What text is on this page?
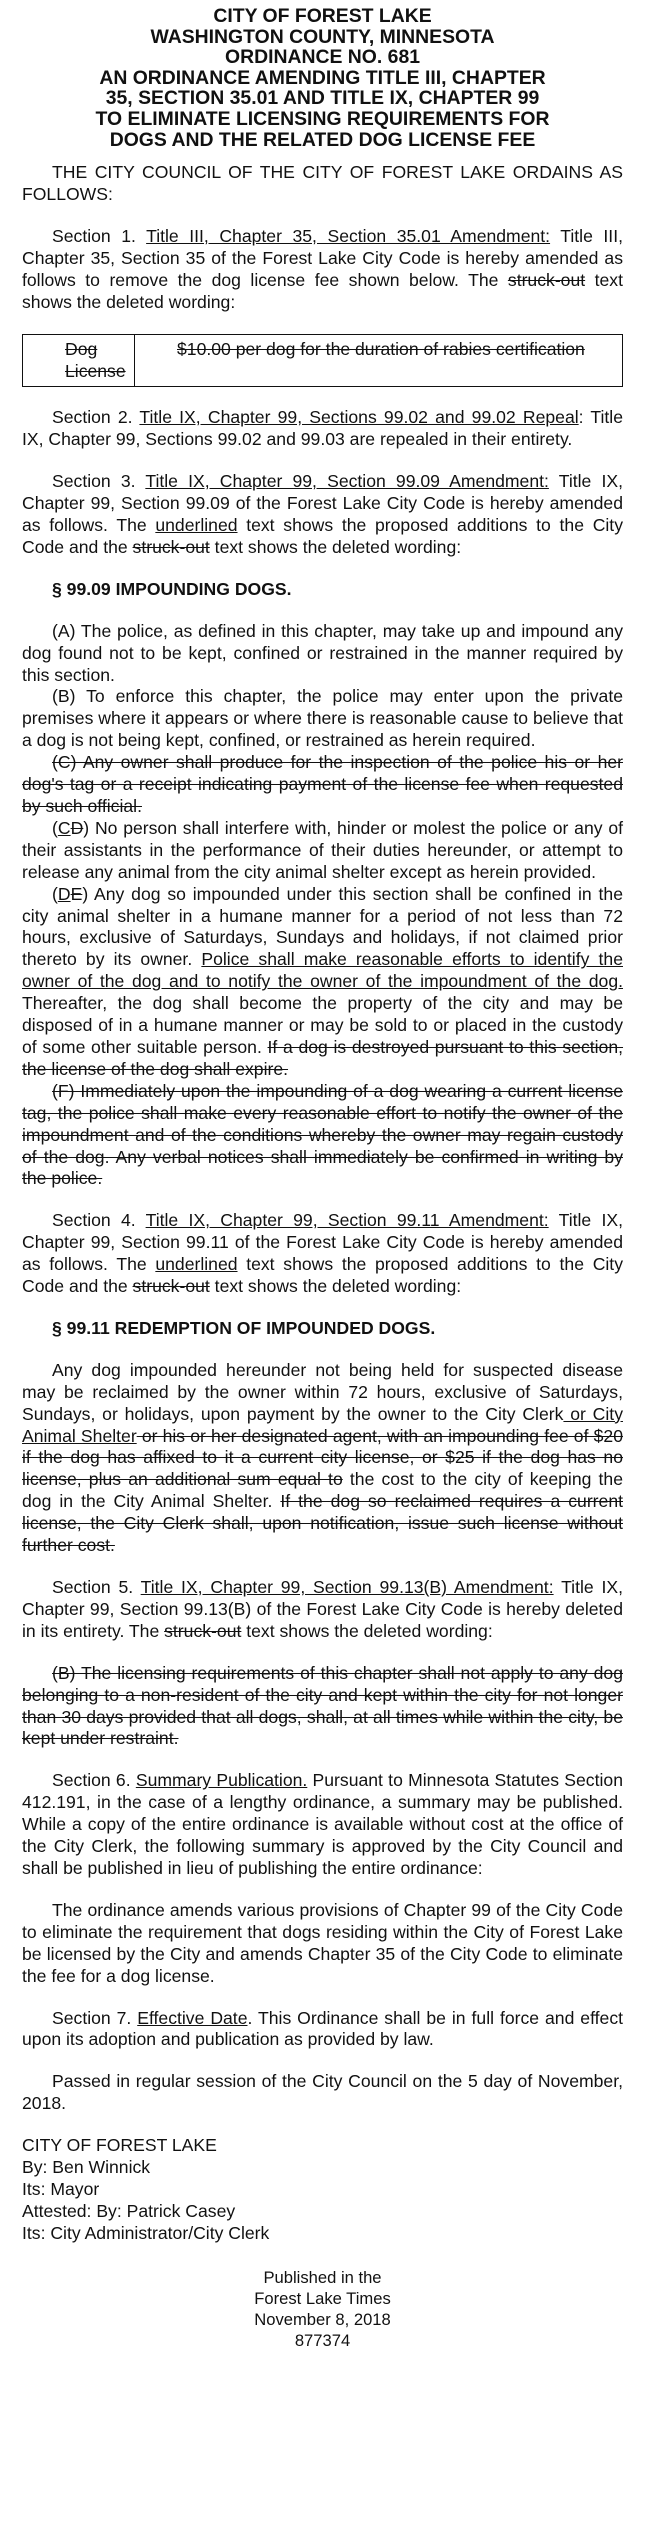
CITY OF FOREST LAKE
WASHINGTON COUNTY, MINNESOTA
ORDINANCE NO. 681
AN ORDINANCE AMENDING TITLE III, CHAPTER
35, SECTION 35.01 AND TITLE IX, CHAPTER 99
TO ELIMINATE LICENSING REQUIREMENTS FOR
DOGS AND THE RELATED DOG LICENSE FEE

THE CITY COUNCIL OF THE CITY OF FOREST LAKE ORDAINS AS FOLLOWS:

Section 1. Title III, Chapter 35, Section 35.01 Amendment: Title III, Chapter 35, Section 35 of the Forest Lake City Code is hereby amended as follows to remove the dog license fee shown below. The struck-out text shows the deleted wording:

Dog License
$10.00 per dog for the duration of rabies certification

Section 2. Title IX, Chapter 99, Sections 99.02 and 99.02 Repeal: Title IX, Chapter 99, Sections 99.02 and 99.03 are repealed in their entirety.

Section 3. Title IX, Chapter 99, Section 99.09 Amendment: Title IX, Chapter 99, Section 99.09 of the Forest Lake City Code is hereby amended as follows. The underlined text shows the proposed additions to the City Code and the struck-out text shows the deleted wording:

§ 99.09 IMPOUNDING DOGS.

(A) The police, as defined in this chapter, may take up and impound any dog found not to be kept, confined or restrained in the manner required by this section.

(B) To enforce this chapter, the police may enter upon the private premises where it appears or where there is reasonable cause to believe that a dog is not being kept, confined, or restrained as herein required.

(C) Any owner shall produce for the inspection of the police his or her dog's tag or a receipt indicating payment of the license fee when requested by such official.

(CD) No person shall interfere with, hinder or molest the police or any of their assistants in the performance of their duties hereunder, or attempt to release any animal from the city animal shelter except as herein provided.

(DE) Any dog so impounded under this section shall be confined in the city animal shelter in a humane manner for a period of not less than 72 hours, exclusive of Saturdays, Sundays and holidays, if not claimed prior thereto by its owner. Police shall make reasonable efforts to identify the owner of the dog and to notify the owner of the impoundment of the dog. Thereafter, the dog shall become the property of the city and may be disposed of in a humane manner or may be sold to or placed in the custody of some other suitable person. If a dog is destroyed pursuant to this section, the license of the dog shall expire.

(F) Immediately upon the impounding of a dog wearing a current license tag, the police shall make every reasonable effort to notify the owner of the impoundment and of the conditions whereby the owner may regain custody of the dog. Any verbal notices shall immediately be confirmed in writing by the police.

Section 4. Title IX, Chapter 99, Section 99.11 Amendment: Title IX, Chapter 99, Section 99.11 of the Forest Lake City Code is hereby amended as follows. The underlined text shows the proposed additions to the City Code and the struck-out text shows the deleted wording:

§ 99.11 REDEMPTION OF IMPOUNDED DOGS.

Any dog impounded hereunder not being held for suspected disease may be reclaimed by the owner within 72 hours, exclusive of Saturdays, Sundays, or holidays, upon payment by the owner to the City Clerk or City Animal Shelter or his or her designated agent, with an impounding fee of $20 if the dog has affixed to it a current city license, or $25 if the dog has no license, plus an additional sum equal to the cost to the city of keeping the dog in the City Animal Shelter. If the dog so reclaimed requires a current license, the City Clerk shall, upon notification, issue such license without further cost.

Section 5. Title IX, Chapter 99, Section 99.13(B) Amendment: Title IX, Chapter 99, Section 99.13(B) of the Forest Lake City Code is hereby deleted in its entirety. The struck-out text shows the deleted wording:

(B) The licensing requirements of this chapter shall not apply to any dog belonging to a non-resident of the city and kept within the city for not longer than 30 days provided that all dogs, shall, at all times while within the city, be kept under restraint.

Section 6. Summary Publication. Pursuant to Minnesota Statutes Section 412.191, in the case of a lengthy ordinance, a summary may be published. While a copy of the entire ordinance is available without cost at the office of the City Clerk, the following summary is approved by the City Council and shall be published in lieu of publishing the entire ordinance:

The ordinance amends various provisions of Chapter 99 of the City Code to eliminate the requirement that dogs residing within the City of Forest Lake be licensed by the City and amends Chapter 35 of the City Code to eliminate the fee for a dog license.

Section 7. Effective Date. This Ordinance shall be in full force and effect upon its adoption and publication as provided by law.

Passed in regular session of the City Council on the 5 day of November, 2018.

CITY OF FOREST LAKE
By: Ben Winnick
Its: Mayor
Attested: By: Patrick Casey
Its: City Administrator/City Clerk
Published in the
Forest Lake Times
November 8, 2018
877374
